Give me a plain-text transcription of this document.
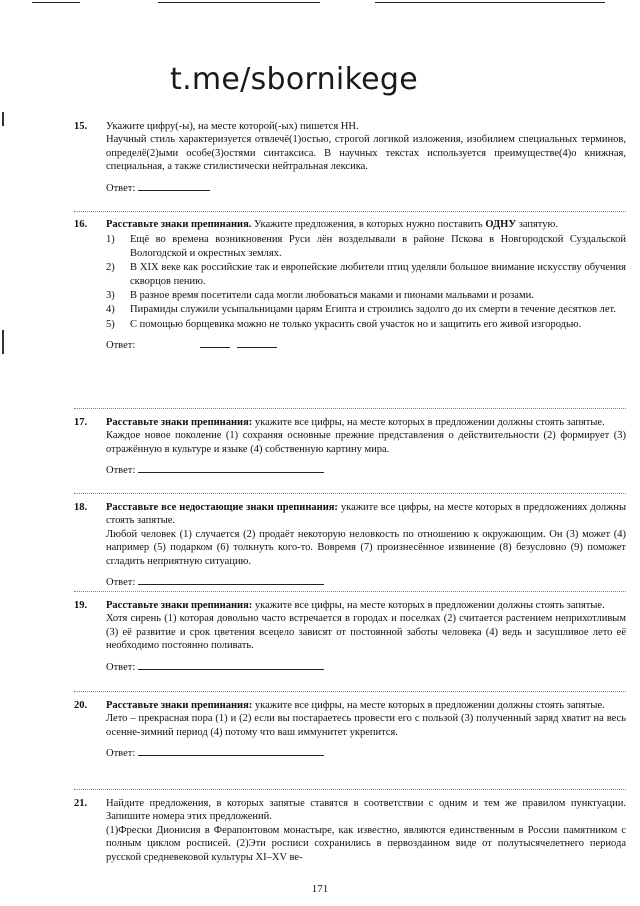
t.me/sbornikege
15. Укажите цифру(-ы), на месте которой(-ых) пишется НН.

Научный стиль характеризуется отвлечё(1)остью, строгой логикой изложения, изобилием специальных терминов, определё(2)ыми особе(3)остями синтаксиса. В научных текстах используется преимуществе(4)о книжная, специальная, а также стилистически нейтральная лексика.

Ответ:
16. Расставьте знаки препинания. Укажите предложения, в которых нужно поставить ОДНУ запятую.

1)	Ещё во времена возникновения Руси лён возделывали в районе Пскова в Новгородской Суздальской Вологодской и окрестных землях.
2)	В XIX веке как российские так и европейские любители птиц уделяли большое внимание искусству обучения скворцов пению.
3)	В разное время посетители сада могли любоваться маками и пионами мальвами и розами.
4)	Пирамиды служили усыпальницами царям Египта и строились задолго до их смерти в течение десятков лет.
5)	С помощью борщевика можно не только украсить свой участок но и защитить его живой изгородью.
Ответ:
17. Расставьте знаки препинания: укажите все цифры, на месте которых в предложении должны стоять запятые.

Каждое новое поколение (1) сохраняя основные прежние представления о действительности (2) формирует (3) отражённую в культуре и языке (4) собственную картину мира.

Ответ:
18. Расставьте все недостающие знаки препинания: укажите все цифры, на месте которых в предложениях должны стоять запятые.

Любой человек (1) случается (2) продаёт некоторую неловкость по отношению к окружающим. Он (3) может (4) например (5) подарком (6) толкнуть кого-то. Вовремя (7) произнесённое извинение (8) безусловно (9) поможет сгладить неприятную ситуацию.

Ответ:
19. Расставьте знаки препинания: укажите все цифры, на месте которых в предложении должны стоять запятые.

Хотя сирень (1) которая довольно часто встречается в городах и поселках (2) считается растением неприхотливым (3) её развитие и срок цветения всецело зависят от постоянной заботы человека (4) ведь и засушливое лето её необходимо постоянно поливать.

Ответ:
20. Расставьте знаки препинания: укажите все цифры, на месте которых в предложении должны стоять запятые.

Лето – прекрасная пора (1) и (2) если вы постараетесь провести его с пользой (3) полученный заряд хватит на весь осенне-зимний период (4) потому что ваш иммунитет укрепится.

Ответ:
21. Найдите предложения, в которых запятые ставятся в соответствии с одним и тем же правилом пунктуации. Запишите номера этих предложений.

(1)Фрески Дионисия в Ферапонтовом монастыре, как известно, являются единственным в России памятником с полным циклом росписей. (2)Эти росписи сохранились в первозданном виде от полутысячелетнего периода русской средневековой культуры XI–XV ве-

171
